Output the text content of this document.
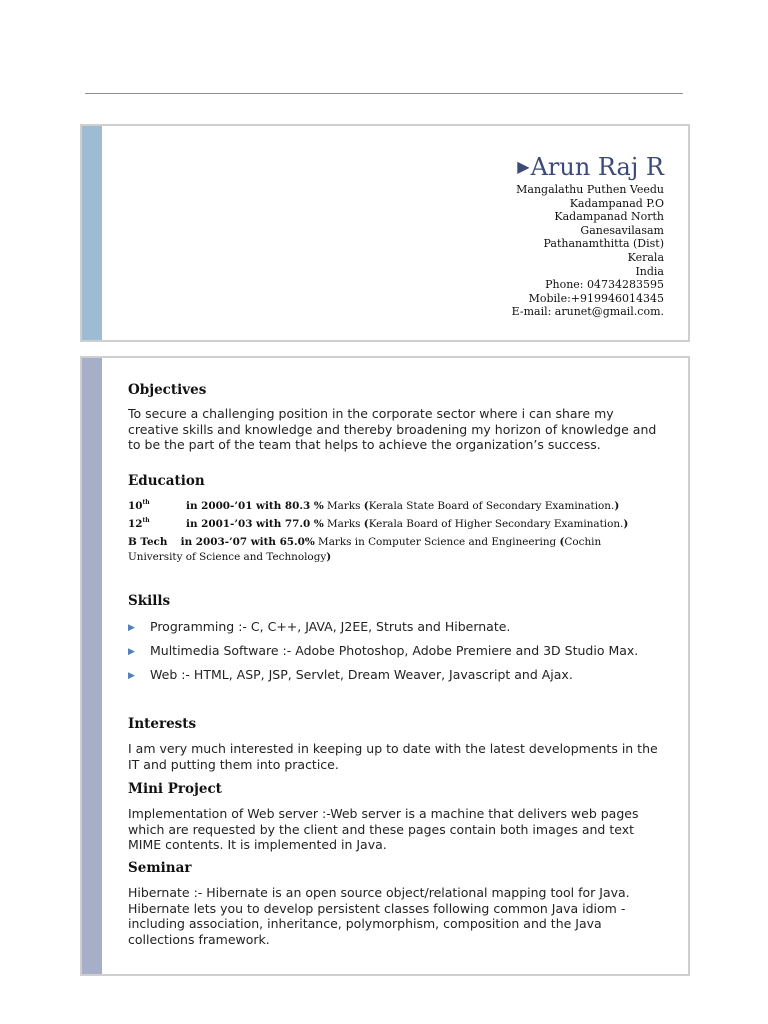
▶Arun Raj R
Mangalathu Puthen Veedu
Kadampanad P.O
Kadampanad North
Ganesavilasam
Pathanamthitta (Dist)
Kerala
India
Phone: 04734283595
Mobile:+919946014345
E-mail: arunet@gmail.com.
Objectives
To secure a challenging position in the corporate sector where i can share my creative skills and knowledge and thereby broadening my horizon of knowledge and to be the part of the team that helps to achieve the organization’s success.
Education
10th	in 2000-’01 with 80.3 % Marks (Kerala State Board of Secondary Examination.)
12th	in 2001-’03 with 77.0 % Marks (Kerala Board of Higher Secondary Examination.)
B Tech in 2003-’07 with 65.0% Marks in Computer Science and Engineering (Cochin University of Science and Technology)
Skills
▶ Programming :- C, C++, JAVA, J2EE, Struts and Hibernate.
▶ Multimedia Software :- Adobe Photoshop, Adobe Premiere and 3D Studio Max.
▶ Web :- HTML, ASP, JSP, Servlet, Dream Weaver, Javascript and Ajax.
Interests
I am very much interested in keeping up to date with the latest developments in the IT and putting them into practice.
Mini Project
Implementation of Web server :-Web server is a machine that delivers web pages which are requested by the client and these pages contain both images and text MIME contents. It is implemented in Java.
Seminar
Hibernate :- Hibernate is an open source object/relational mapping tool for Java. Hibernate lets you to develop persistent classes following common Java idiom - including association, inheritance, polymorphism, composition and the Java collections framework.
